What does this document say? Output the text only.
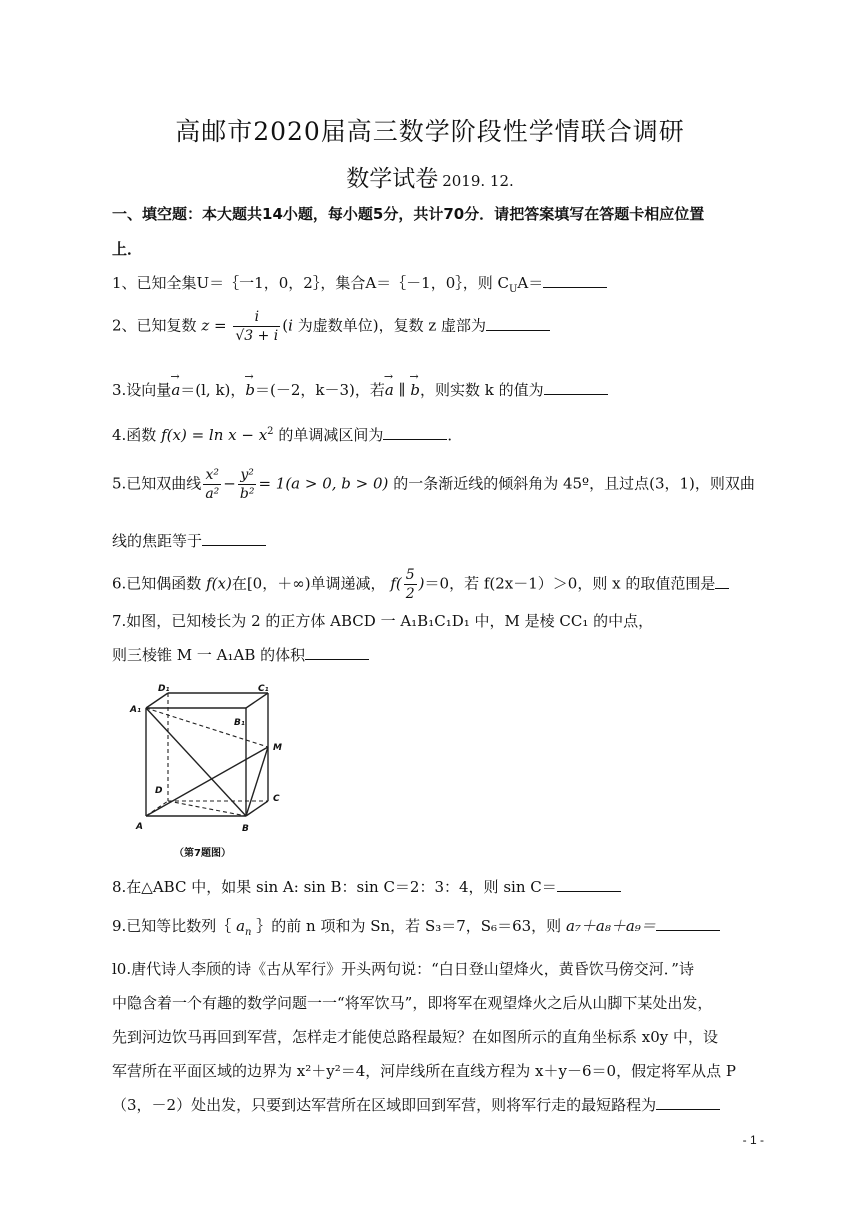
高邮市2020届高三数学阶段性学情联合调研
数学试卷 2019. 12.
一、填空题：本大题共14小题，每小题5分，共计70分．请把答案填写在答题卡相应位置
上．
1、已知全集U＝｛一1，0，2｝，集合A＝｛－1，0｝，则 $C_UA=$
2、已知复数 $z = \frac{i}{√3 + i} (i$ 为虚数单位)，复数 z 虚部为
3.设向量→ a＝(l, k)，→ b＝(－2，k－3)，若→ a ∥ → b，则实数 k 的值为
4.函数 $f(x) = \ln x - x^2$ 的单调减区间为	．
5.已知双曲线 $\frac{\text{x²}}{\text{a²}} - \frac{\text{y²}}{\text{b²}} = 1(a > 0$, b > 0) 的一条渐近线的倾斜角为 45º，且过点(3，1)，则双曲
线的焦距等于
6.已知偶函数 f(x)在[0，＋∞)单调递减， $f( \frac{5}{2} )=0$，若 f(2x－1）＞0，则 x 的取值范围是
7.如图，已知棱长为 2 的正方体 ABCD 一 A₁B₁C₁D₁ 中，M 是棱 CC₁ 的中点，
则三棱锥 M 一 A₁AB 的体积
D₁	C₁
B₁
A₁
M
D
C
A	B
（第7题图）
8.在△ABC 中，如果 sin A: sin B：sin C＝2：3：4，则 sin C＝
9.已知等比数列｛ $a_n$ ｝的前 n 项和为 Sn，若 S₃＝7，S₆＝63，则 a₇＋a₈＋a₉＝
l0.唐代诗人李颀的诗《古从军行》开头两句说：“白日登山望烽火，黄昏饮马傍交河．”诗
中隐含着一个有趣的数学问题一一“将军饮马”，即将军在观望烽火之后从山脚下某处出发，
先到河边饮马再回到军营，怎样走才能使总路程最短？在如图所示的直角坐标系 x0y 中，设
军营所在平面区域的边界为 x²＋y²＝4，河岸线所在直线方程为 x＋y－6＝0，假定将军从点 P
（3，－2）处出发，只要到达军营所在区域即回到军营，则将军行走的最短路程为
- 1 -
